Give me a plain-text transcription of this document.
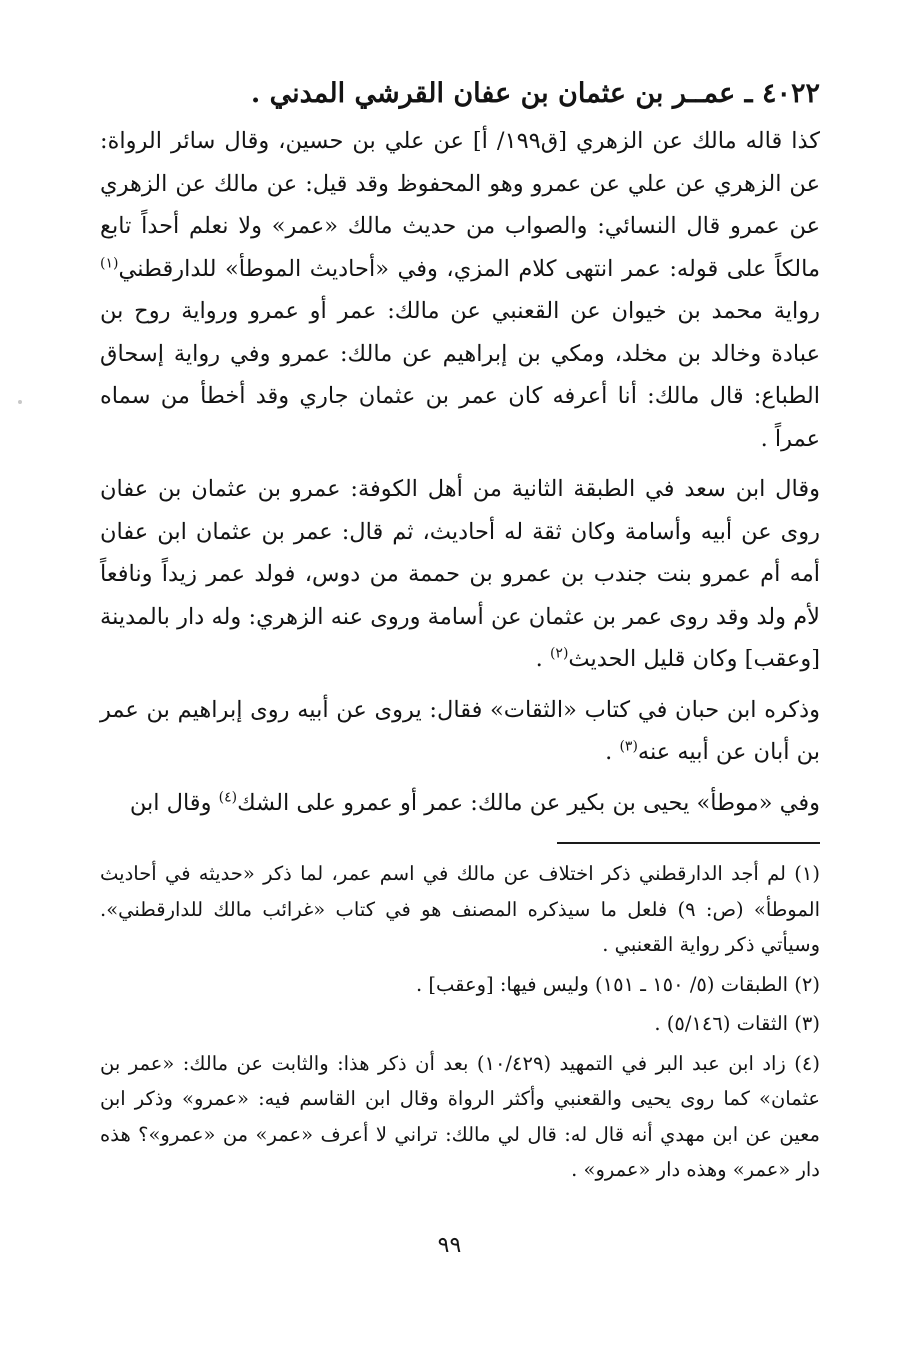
٤٠٢٢ ـ عمــر بن عثمان بن عفان القرشي المدني .

كذا قاله مالك عن الزهري [ق١٩٩/ أ] عن علي بن حسين، وقال سائر الرواة: عن الزهري عن علي عن عمرو وهو المحفوظ وقد قيل: عن مالك عن الزهري عن عمرو قال النسائي: والصواب من حديث مالك «عمر» ولا نعلم أحداً تابع مالكاً على قوله: عمر انتهى كلام المزي، وفي «أحاديث الموطأ» للدارقطني$^{(١)}$ رواية محمد بن خيوان عن القعنبي عن مالك: عمر أو عمرو ورواية روح بن عبادة وخالد بن مخلد، ومكي بن إبراهيم عن مالك: عمرو وفي رواية إسحاق الطباع: قال مالك: أنا أعرفه كان عمر بن عثمان جاري وقد أخطأ من سماه عمراً .

وقال ابن سعد في الطبقة الثانية من أهل الكوفة: عمرو بن عثمان بن عفان روى عن أبيه وأسامة وكان ثقة له أحاديث، ثم قال: عمر بن عثمان ابن عفان أمه أم عمرو بنت جندب بن عمرو بن حممة من دوس، فولد عمر زيداً ونافعاً لأم ولد وقد روى عمر بن عثمان عن أسامة وروى عنه الزهري: وله دار بالمدينة [وعقب] وكان قليل الحديث$^{(٢)}$ .

وذكره ابن حبان في كتاب «الثقات» فقال: يروى عن أبيه روى إبراهيم بن عمر بن أبان عن أبيه عنه$^{(٣)}$ .

وفي «موطأ» يحيى بن بكير عن مالك: عمر أو عمرو على الشك$^{(٤)}$ وقال ابن

(١) لم أجد الدارقطني ذكر اختلاف عن مالك في اسم عمر، لما ذكر «حديثه في أحاديث الموطأ» (ص: ٩) فلعل ما سيذكره المصنف هو في كتاب «غرائب مالك للدارقطني». وسيأتي ذكر رواية القعنبي .

(٢) الطبقات (٥/ ١٥٠ ـ ١٥١) وليس فيها: [وعقب] .

(٣) الثقات (٥/١٤٦) .

(٤) زاد ابن عبد البر في التمهيد (١٠/٤٢٩) بعد أن ذكر هذا: والثابت عن مالك: «عمر بن عثمان» كما روى يحيى والقعنبي وأكثر الرواة وقال ابن القاسم فيه: «عمرو» وذكر ابن معين عن ابن مهدي أنه قال له: قال لي مالك: تراني لا أعرف «عمر» من «عمرو»؟ هذه دار «عمر» وهذه دار «عمرو» .

٩٩
